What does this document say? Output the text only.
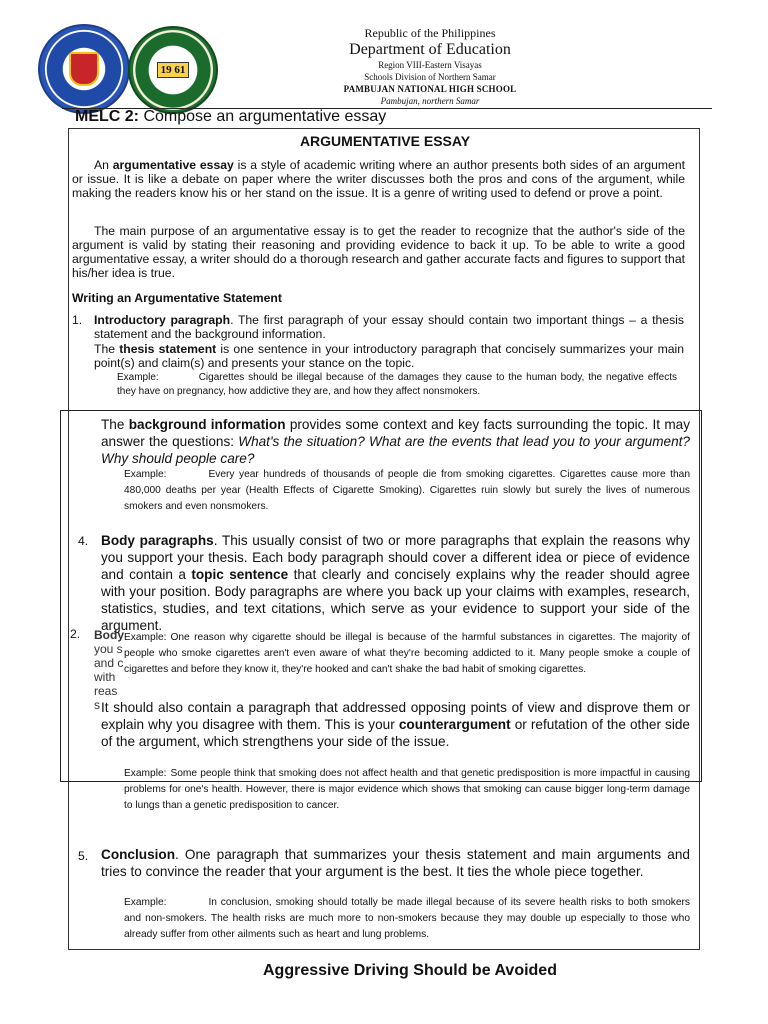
19 61
Republic of the Philippines
Department of Education
Region VIII-Eastern Visayas
Schools Division of Northern Samar
PAMBUJAN NATIONAL HIGH SCHOOL
Pambujan, northern Samar
MELC 2: Compose an argumentative essay
ARGUMENTATIVE ESSAY
An argumentative essay is a style of academic writing where an author presents both sides of an argument or issue. It is like a debate on paper where the writer discusses both the pros and cons of the argument, while making the readers know his or her stand on the issue. It is a genre of writing used to defend or prove a point.
The main purpose of an argumentative essay is to get the reader to recognize that the author's side of the argument is valid by stating their reasoning and providing evidence to back it up. To be able to write a good argumentative essay, a writer should do a thorough research and gather accurate facts and figures to support that his/her idea is true.
Writing an Argumentative Statement
1. Introductory paragraph. The first paragraph of your essay should contain two important things – a thesis statement and the background information.
The thesis statement is one sentence in your introductory paragraph that concisely summarizes your main point(s) and claim(s) and presents your stance on the topic.
Example:	Cigarettes should be illegal because of the damages they cause to the human body, the negative effects they have on pregnancy, how addictive they are, and how they affect nonsmokers.
The background information provides some context and key facts surrounding the topic. It may answer the questions: What's the situation? What are the events that lead you to your argument? Why should people care?
Example:	Every year hundreds of thousands of people die from smoking cigarettes. Cigarettes cause more than 480,000 deaths per year (Health Effects of Cigarette Smoking). Cigarettes ruin slowly but surely the lives of numerous smokers and even nonsmokers.
4. Body paragraphs. This usually consist of two or more paragraphs that explain the reasons why you support your thesis. Each body paragraph should cover a different idea or piece of evidence and contain a topic sentence that clearly and concisely explains why the reader should agree with your position. Body paragraphs are where you back up your claims with examples, research, statistics, studies, and text citations, which serve as your evidence to support your side of the argument.
2. Body you s and c with reas s
Example: One reason why cigarette should be illegal is because of the harmful substances in cigarettes. The majority of people who smoke cigarettes aren't even aware of what they're becoming addicted to it. Many people smoke a couple of cigarettes and before they know it, they're hooked and can't shake the bad habit of smoking cigarettes.
It should also contain a paragraph that addressed opposing points of view and disprove them or explain why you disagree with them. This is your counterargument or refutation of the other side of the argument, which strengthens your side of the issue.
Example: Some people think that smoking does not affect health and that genetic predisposition is more impactful in causing problems for one's health. However, there is major evidence which shows that smoking can cause bigger long-term damage to lungs than a genetic predisposition to cancer.
5. Conclusion. One paragraph that summarizes your thesis statement and main arguments and tries to convince the reader that your argument is the best. It ties the whole piece together.
Example:	In conclusion, smoking should totally be made illegal because of its severe health risks to both smokers and non-smokers. The health risks are much more to non-smokers because they may double up especially to those who already suffer from other ailments such as heart and lung problems.
Aggressive Driving Should be Avoided
